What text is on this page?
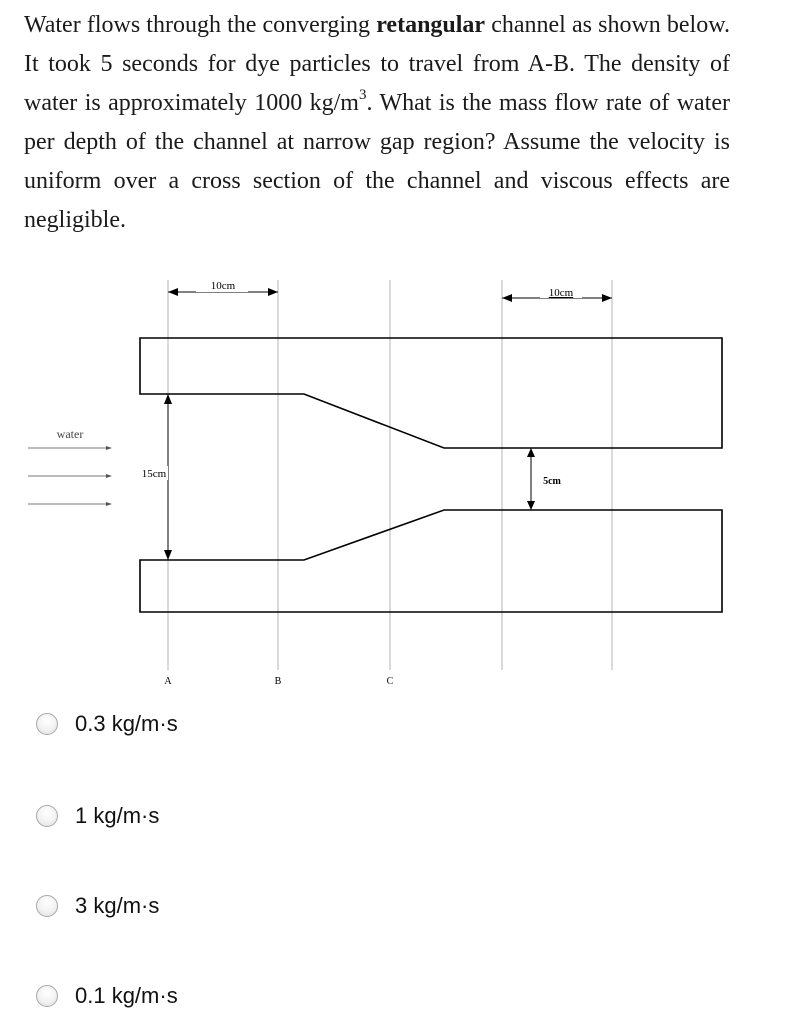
Water flows through the converging retangular channel as shown below. It took 5 seconds for dye particles to travel from A-B. The density of water is approximately 1000 $kg/m^3$. What is the mass flow rate of water per depth of the channel at narrow gap region? Assume the velocity is uniform over a cross section of the channel and viscous effects are negligible.

10cm
10cm
15cm
5cm
water
A	B	C
0.3 kg/m·s
1 kg/m·s
3 kg/m·s
0.1 kg/m·s
